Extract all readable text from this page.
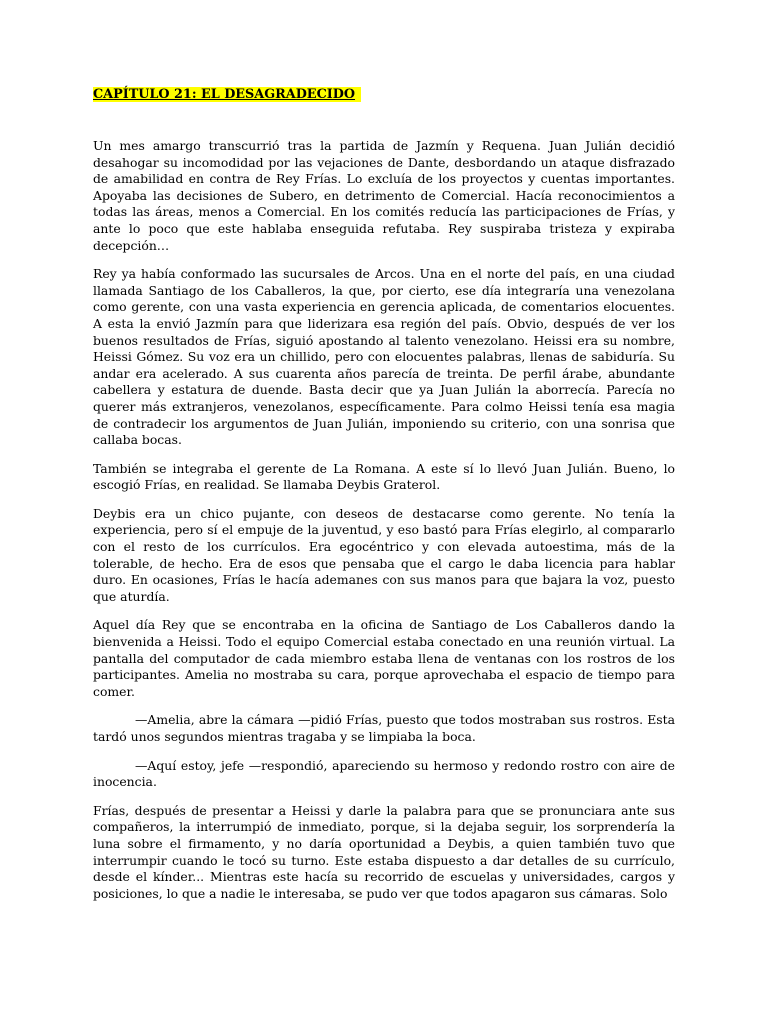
CAPÍTULO 21: EL DESAGRADECIDO

Un mes amargo transcurrió tras la partida de Jazmín y Requena. Juan Julián decidió desahogar su incomodidad por las vejaciones de Dante, desbordando un ataque disfrazado de amabilidad en contra de Rey Frías. Lo excluía de los proyectos y cuentas importantes. Apoyaba las decisiones de Subero, en detrimento de Comercial. Hacía reconocimientos a todas las áreas, menos a Comercial. En los comités reducía las participaciones de Frías, y ante lo poco que este hablaba enseguida refutaba. Rey suspiraba tristeza y expiraba decepción…

Rey ya había conformado las sucursales de Arcos. Una en el norte del país, en una ciudad llamada Santiago de los Caballeros, la que, por cierto, ese día integraría una venezolana como gerente, con una vasta experiencia en gerencia aplicada, de comentarios elocuentes. A esta la envió Jazmín para que liderizara esa región del país. Obvio, después de ver los buenos resultados de Frías, siguió apostando al talento venezolano. Heissi era su nombre, Heissi Gómez. Su voz era un chillido, pero con elocuentes palabras, llenas de sabiduría. Su andar era acelerado. A sus cuarenta años parecía de treinta. De perfil árabe, abundante cabellera y estatura de duende. Basta decir que ya Juan Julián la aborrecía. Parecía no querer más extranjeros, venezolanos, específicamente. Para colmo Heissi tenía esa magia de contradecir los argumentos de Juan Julián, imponiendo su criterio, con una sonrisa que callaba bocas.

También se integraba el gerente de La Romana. A este sí lo llevó Juan Julián. Bueno, lo escogió Frías, en realidad. Se llamaba Deybis Graterol.

Deybis era un chico pujante, con deseos de destacarse como gerente. No tenía la experiencia, pero sí el empuje de la juventud, y eso bastó para Frías elegirlo, al compararlo con el resto de los currículos. Era egocéntrico y con elevada autoestima, más de la tolerable, de hecho. Era de esos que pensaba que el cargo le daba licencia para hablar duro. En ocasiones, Frías le hacía ademanes con sus manos para que bajara la voz, puesto que aturdía.

Aquel día Rey que se encontraba en la oficina de Santiago de Los Caballeros dando la bienvenida a Heissi. Todo el equipo Comercial estaba conectado en una reunión virtual. La pantalla del computador de cada miembro estaba llena de ventanas con los rostros de los participantes. Amelia no mostraba su cara, porque aprovechaba el espacio de tiempo para comer.

—Amelia, abre la cámara —pidió Frías, puesto que todos mostraban sus rostros. Esta tardó unos segundos mientras tragaba y se limpiaba la boca.

—Aquí estoy, jefe —respondió, apareciendo su hermoso y redondo rostro con aire de inocencia.

Frías, después de presentar a Heissi y darle la palabra para que se pronunciara ante sus compañeros, la interrumpió de inmediato, porque, si la dejaba seguir, los sorprendería la luna sobre el firmamento, y no daría oportunidad a Deybis, a quien también tuvo que interrumpir cuando le tocó su turno. Este estaba dispuesto a dar detalles de su currículo, desde el kínder... Mientras este hacía su recorrido de escuelas y universidades, cargos y posiciones, lo que a nadie le interesaba, se pudo ver que todos apagaron sus cámaras. Solo
